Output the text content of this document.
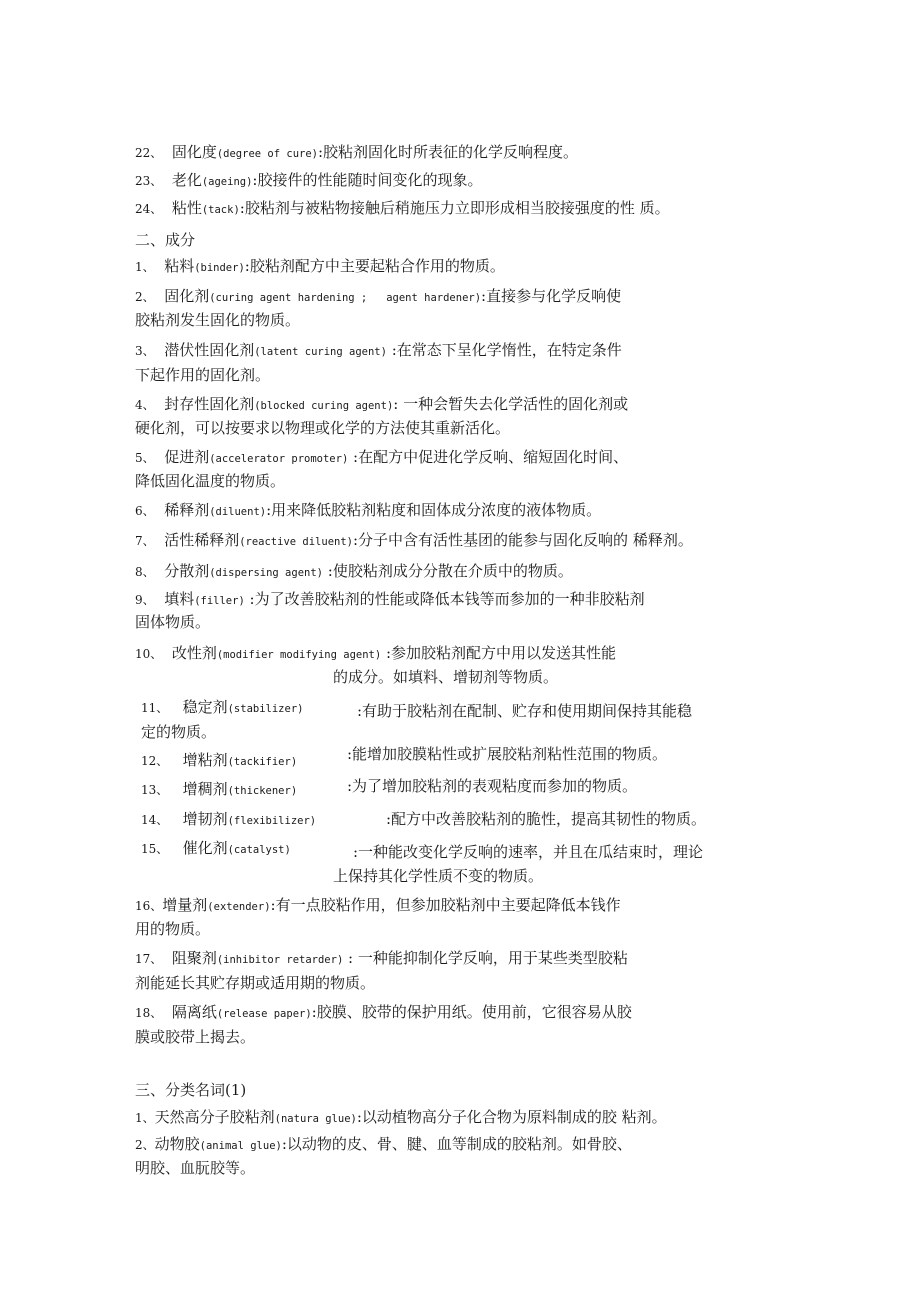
22、 固化度(degree of cure):胶粘剂固化时所表征的化学反响程度。
23、 老化(ageing):胶接件的性能随时间变化的现象。
24、 粘性(tack):胶粘剂与被粘物接触后稍施压力立即形成相当胶接强度的性 质。
二、成分
1、 粘料(binder):胶粘剂配方中主要起粘合作用的物质。
2、 固化剂(curing agent hardening ;   agent hardener):直接参与化学反响使
胶粘剂发生固化的物质。
3、 潜伏性固化剂(latent curing agent) :在常态下呈化学惰性，在特定条件
下起作用的固化剂。
4、 封存性固化剂(blocked curing agent): 一种会暂失去化学活性的固化剂或
硬化剂，可以按要求以物理或化学的方法使其重新活化。
5、 促进剂(accelerator promoter) :在配方中促进化学反响、缩短固化时间、
降低固化温度的物质。
6、 稀释剂(diluent):用来降低胶粘剂粘度和固体成分浓度的液体物质。
7、 活性稀释剂(reactive diluent):分子中含有活性基团的能参与固化反响的 稀释剂。
8、 分散剂(dispersing agent) :使胶粘剂成分分散在介质中的物质。
9、 填料(filler) :为了改善胶粘剂的性能或降低本钱等而参加的一种非胶粘剂
固体物质。
10、 改性剂(modifier modifying agent) :参加胶粘剂配方中用以发送其性能
的成分。如填料、增韧剂等物质。
11、 稳定剂(stabilizer)	:有助于胶粘剂在配制、贮存和使用期间保持其能稳
定的物质。
12、 增粘剂(tackifier)	:能增加胶膜粘性或扩展胶粘剂粘性范围的物质。
13、 增稠剂(thickener)	:为了增加胶粘剂的表观粘度而参加的物质。
14、 增韧剂(flexibilizer)	:配方中改善胶粘剂的脆性，提高其韧性的物质。
15、 催化剂(catalyst)	:一种能改变化学反响的速率，并且在瓜结束时，理论
上保持其化学性质不变的物质。
16、增量剂(extender):有一点胶粘作用，但参加胶粘剂中主要起降低本钱作
用的物质。
17、 阻聚剂(inhibitor retarder) : 一种能抑制化学反响，用于某些类型胶粘
剂能延长其贮存期或适用期的物质。
18、 隔离纸(release paper):胶膜、胶带的保护用纸。使用前，它很容易从胶
膜或胶带上揭去。
三、分类名词(1)
1、天然高分子胶粘剂(natura glue):以动植物高分子化合物为原料制成的胶 粘剂。
2、动物胶(animal glue):以动物的皮、骨、腱、血等制成的胶粘剂。如骨胶、
明胶、血朊胶等。
